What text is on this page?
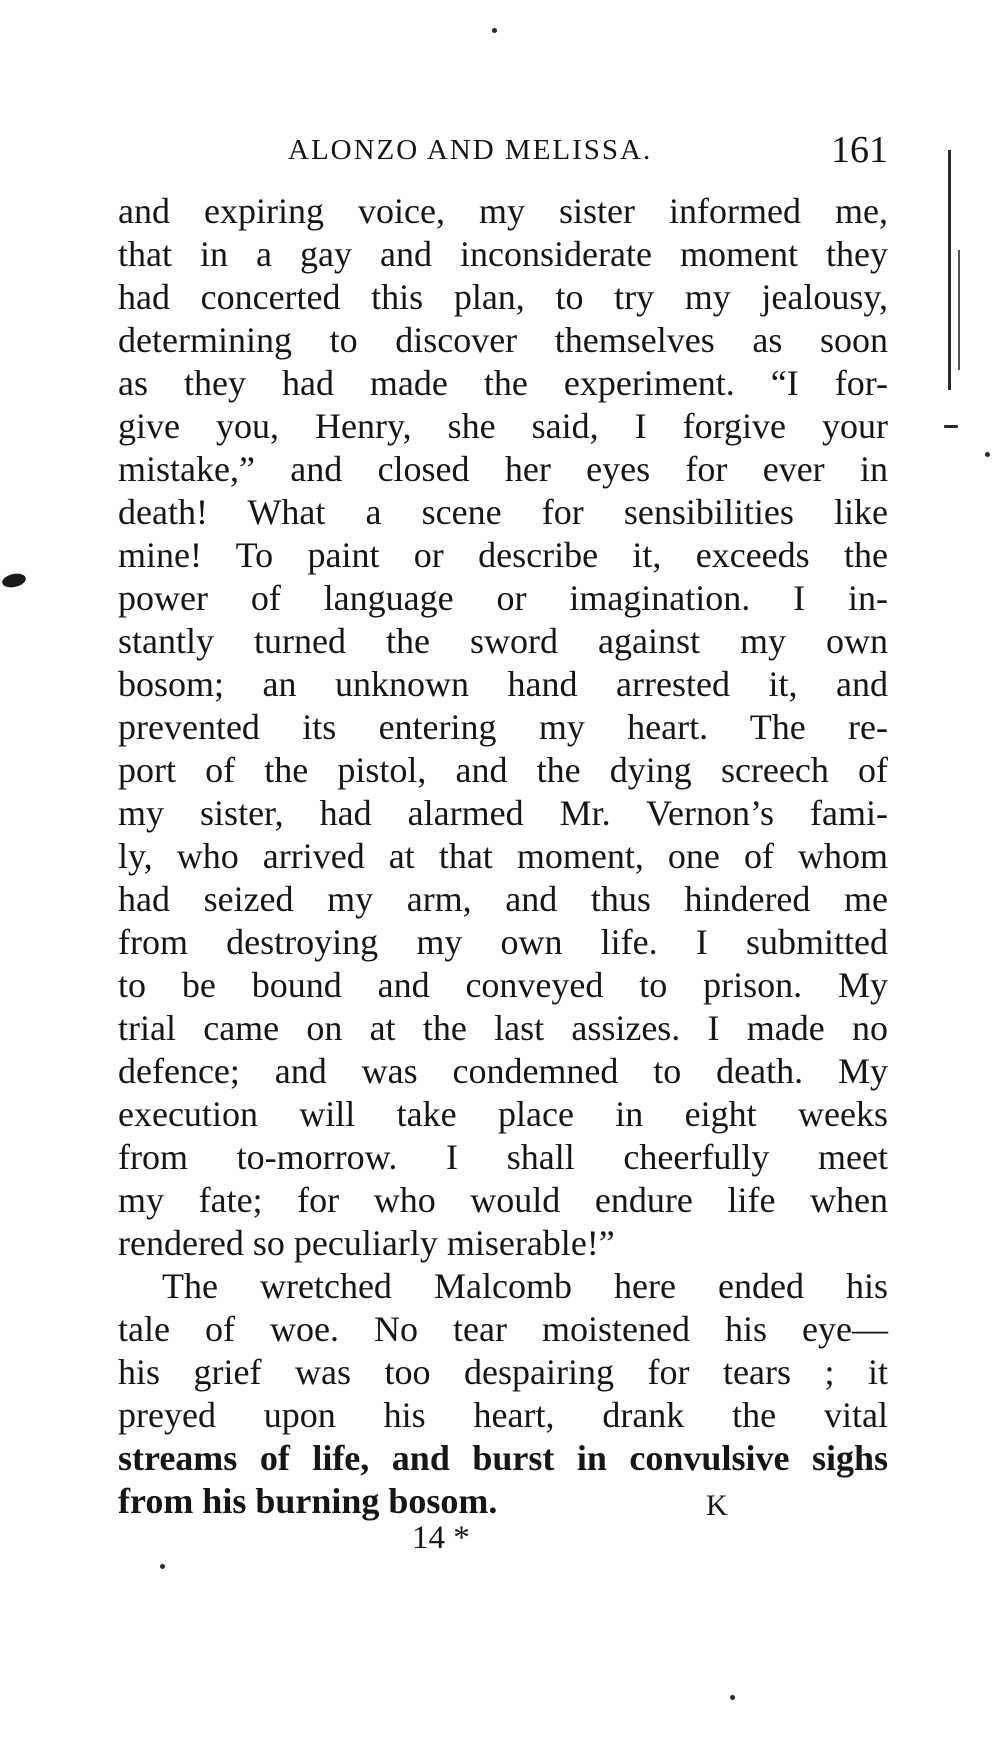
ALONZO AND MELISSA.	161
and expiring voice, my sister informed me,
that in a gay and inconsiderate moment they
had concerted this plan, to try my jealousy,
determining to discover themselves as soon
as they had made the experiment. “I for-
give you, Henry, she said, I forgive your
mistake,” and closed her eyes for ever in
death! What a scene for sensibilities like
mine! To paint or describe it, exceeds the
power of language or imagination. I in-
stantly turned the sword against my own
bosom; an unknown hand arrested it, and
prevented its entering my heart. The re-
port of the pistol, and the dying screech of
my sister, had alarmed Mr. Vernon’s fami-
ly, who arrived at that moment, one of whom
had seized my arm, and thus hindered me
from destroying my own life. I submitted
to be bound and conveyed to prison. My
trial came on at the last assizes. I made no
defence; and was condemned to death. My
execution will take place in eight weeks
from to-morrow. I shall cheerfully meet
my fate; for who would endure life when
rendered so peculiarly miserable!”
The wretched Malcomb here ended his
tale of woe. No tear moistened his eye—
his grief was too despairing for tears ; it
preyed upon his heart, drank the vital
streams of life, and burst in convulsive sighs
from his burning bosom.	K
14 *
